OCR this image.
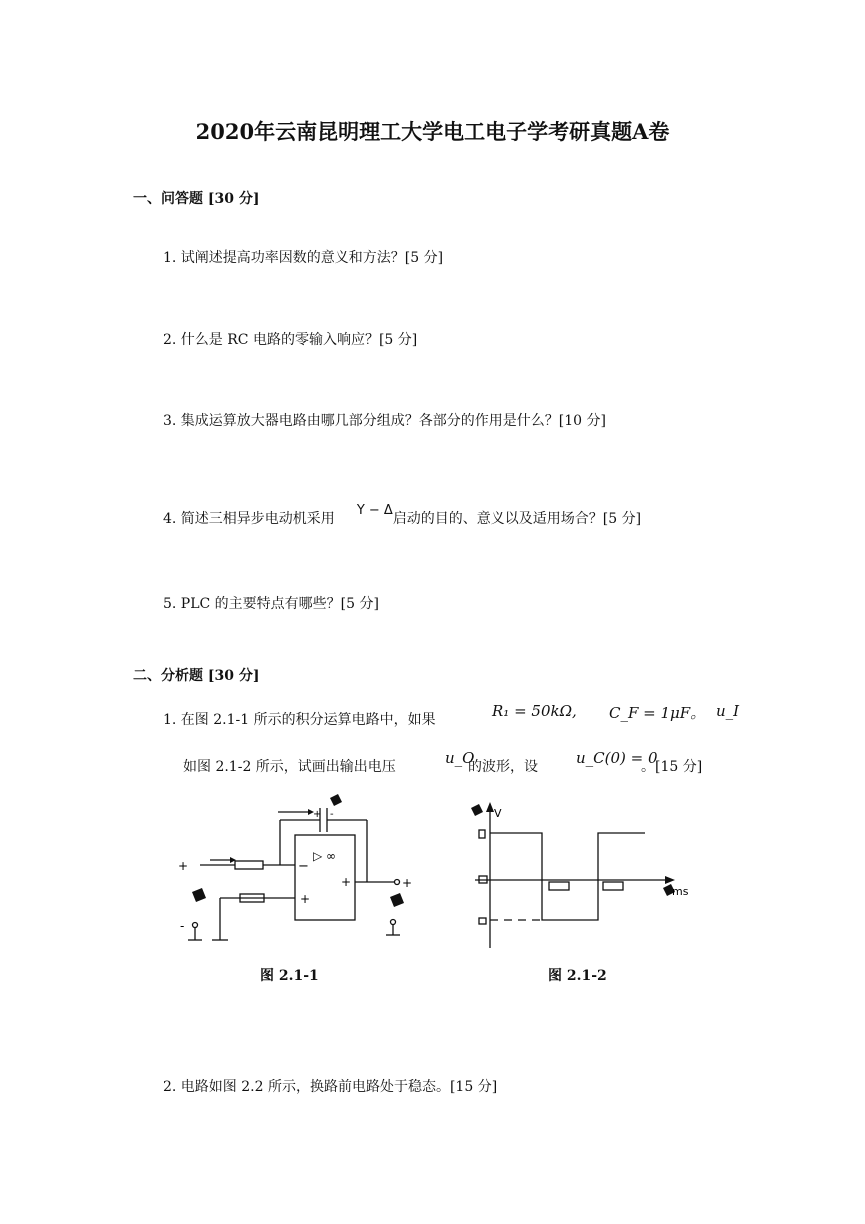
2020年云南昆明理工大学电工电子学考研真题A卷
一、问答题 [30 分]
1. 试阐述提高功率因数的意义和方法？[5 分]
2. 什么是 RC 电路的零输入响应？[5 分]
3. 集成运算放大器电路由哪几部分组成？各部分的作用是什么？[10 分]
4. 简述三相异步电动机采用Y − Δ启动的目的、意义以及适用场合？[5 分]
5. PLC 的主要特点有哪些？[5 分]
二、分析题 [30 分]
1. 在图 2.1-1 所示的积分运算电路中，如果	R₁ = 50kΩ, C_F = 1μF。 u_I
如图 2.1-2 所示，试画出输出电压	u_O
的波形，设	u_C(0) = 0
。[15 分]
+
-
+
−
+
+
▷ ∞
+ -	V
ms
图 2.1-1	图 2.1-2
2. 电路如图 2.2 所示，换路前电路处于稳态。[15 分]
